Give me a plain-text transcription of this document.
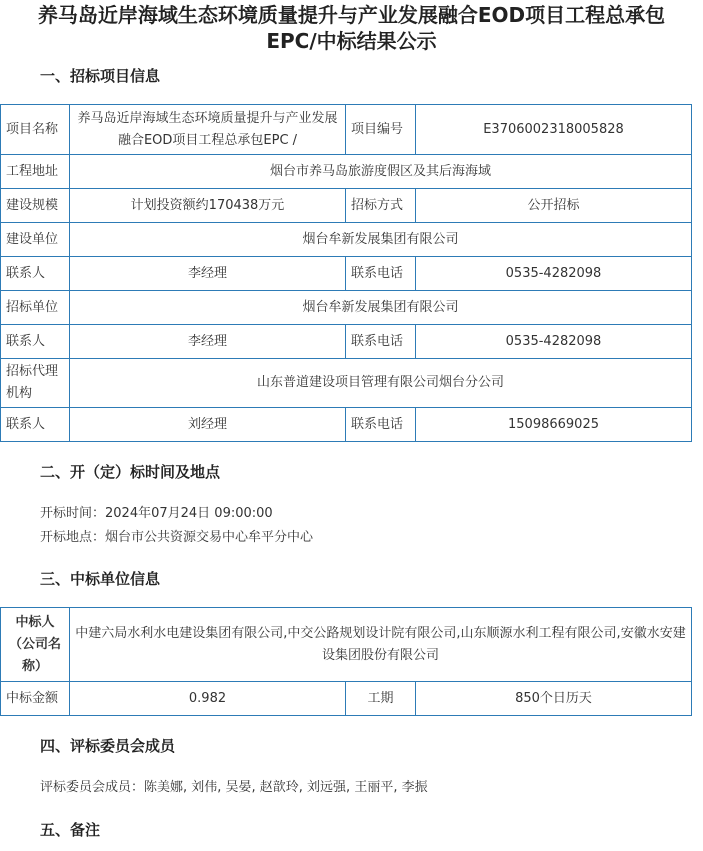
养马岛近岸海域生态环境质量提升与产业发展融合EOD项目工程总承包
EPC/中标结果公示
一、招标项目信息
项目名称	养马岛近岸海域生态环境质量提升与产业发展融合EOD项目工程总承包EPC /	项目编号	E3706002318005828
工程地址	烟台市养马岛旅游度假区及其后海海域		
建设规模	计划投资额约170438万元	招标方式	公开招标
建设单位	烟台牟新发展集团有限公司		
联系人	李经理	联系电话	0535-4282098
招标单位	烟台牟新发展集团有限公司		
联系人	李经理	联系电话	0535-4282098
招标代理机构	山东普道建设项目管理有限公司烟台分公司		
联系人	刘经理	联系电话	15098669025
二、开（定）标时间及地点
开标时间：2024年07月24日 09:00:00
开标地点：烟台市公共资源交易中心牟平分中心
三、中标单位信息
中标人（公司名称）	中建六局水利水电建设集团有限公司,中交公路规划设计院有限公司,山东顺源水利工程有限公司,安徽水安建设集团股份有限公司		
中标金额	0.982	工期	850个日历天
四、评标委员会成员
评标委员会成员：陈美娜, 刘伟, 吴晏, 赵歆玲, 刘远强, 王丽平, 李振
五、备注
